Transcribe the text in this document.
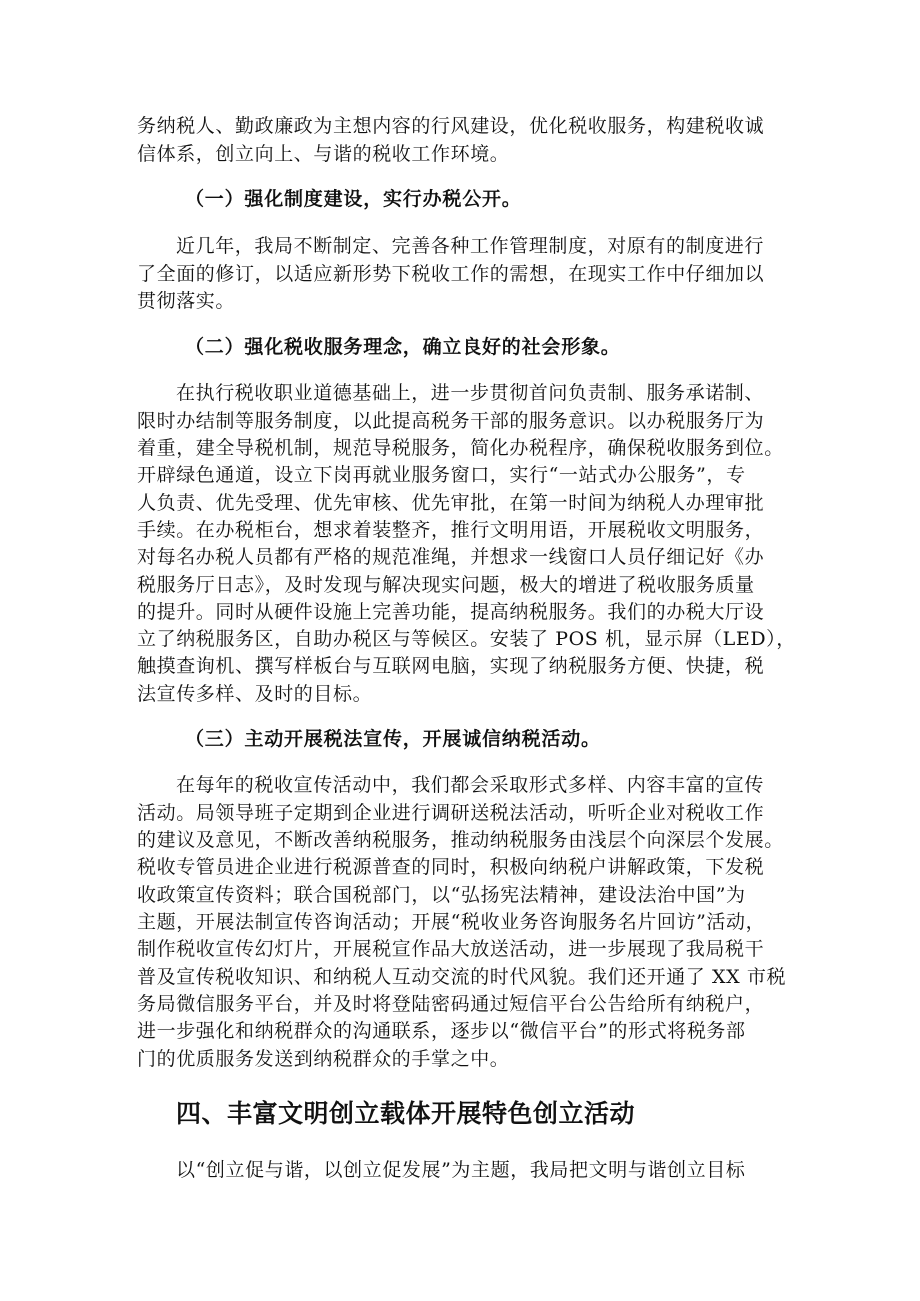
务纳税人、勤政廉政为主想内容的行风建设，优化税收服务，构建税收诚
信体系，创立向上、与谐的税收工作环境。
（一）强化制度建设，实行办税公开。
近几年，我局不断制定、完善各种工作管理制度，对原有的制度进行
了全面的修订，以适应新形势下税收工作的需想，在现实工作中仔细加以
贯彻落实。
（二）强化税收服务理念，确立良好的社会形象。
在执行税收职业道德基础上，进一步贯彻首问负责制、服务承诺制、
限时办结制等服务制度，以此提高税务干部的服务意识。以办税服务厅为
着重，建全导税机制，规范导税服务，简化办税程序，确保税收服务到位。
开辟绿色通道，设立下岗再就业服务窗口，实行“一站式办公服务”，专
人负责、优先受理、优先审核、优先审批，在第一时间为纳税人办理审批
手续。在办税柜台，想求着装整齐，推行文明用语，开展税收文明服务，
对每名办税人员都有严格的规范准绳，并想求一线窗口人员仔细记好《办
税服务厅日志》，及时发现与解决现实问题，极大的增进了税收服务质量
的提升。同时从硬件设施上完善功能，提高纳税服务。我们的办税大厅设
立了纳税服务区，自助办税区与等候区。安装了 POS 机，显示屏（LED），
触摸查询机、撰写样板台与互联网电脑，实现了纳税服务方便、快捷，税
法宣传多样、及时的目标。
（三）主动开展税法宣传，开展诚信纳税活动。
在每年的税收宣传活动中，我们都会采取形式多样、内容丰富的宣传
活动。局领导班子定期到企业进行调研送税法活动，听听企业对税收工作
的建议及意见，不断改善纳税服务，推动纳税服务由浅层个向深层个发展。
税收专管员进企业进行税源普查的同时，积极向纳税户讲解政策，下发税
收政策宣传资料；联合国税部门，以“弘扬宪法精神，建设法治中国”为
主题，开展法制宣传咨询活动；开展“税收业务咨询服务名片回访”活动，
制作税收宣传幻灯片，开展税宣作品大放送活动，进一步展现了我局税干
普及宣传税收知识、和纳税人互动交流的时代风貌。我们还开通了 XX 市税
务局微信服务平台，并及时将登陆密码通过短信平台公告给所有纳税户，
进一步强化和纳税群众的沟通联系，逐步以“微信平台”的形式将税务部
门的优质服务发送到纳税群众的手掌之中。
四、丰富文明创立载体开展特色创立活动
以“创立促与谐，以创立促发展”为主题，我局把文明与谐创立目标
